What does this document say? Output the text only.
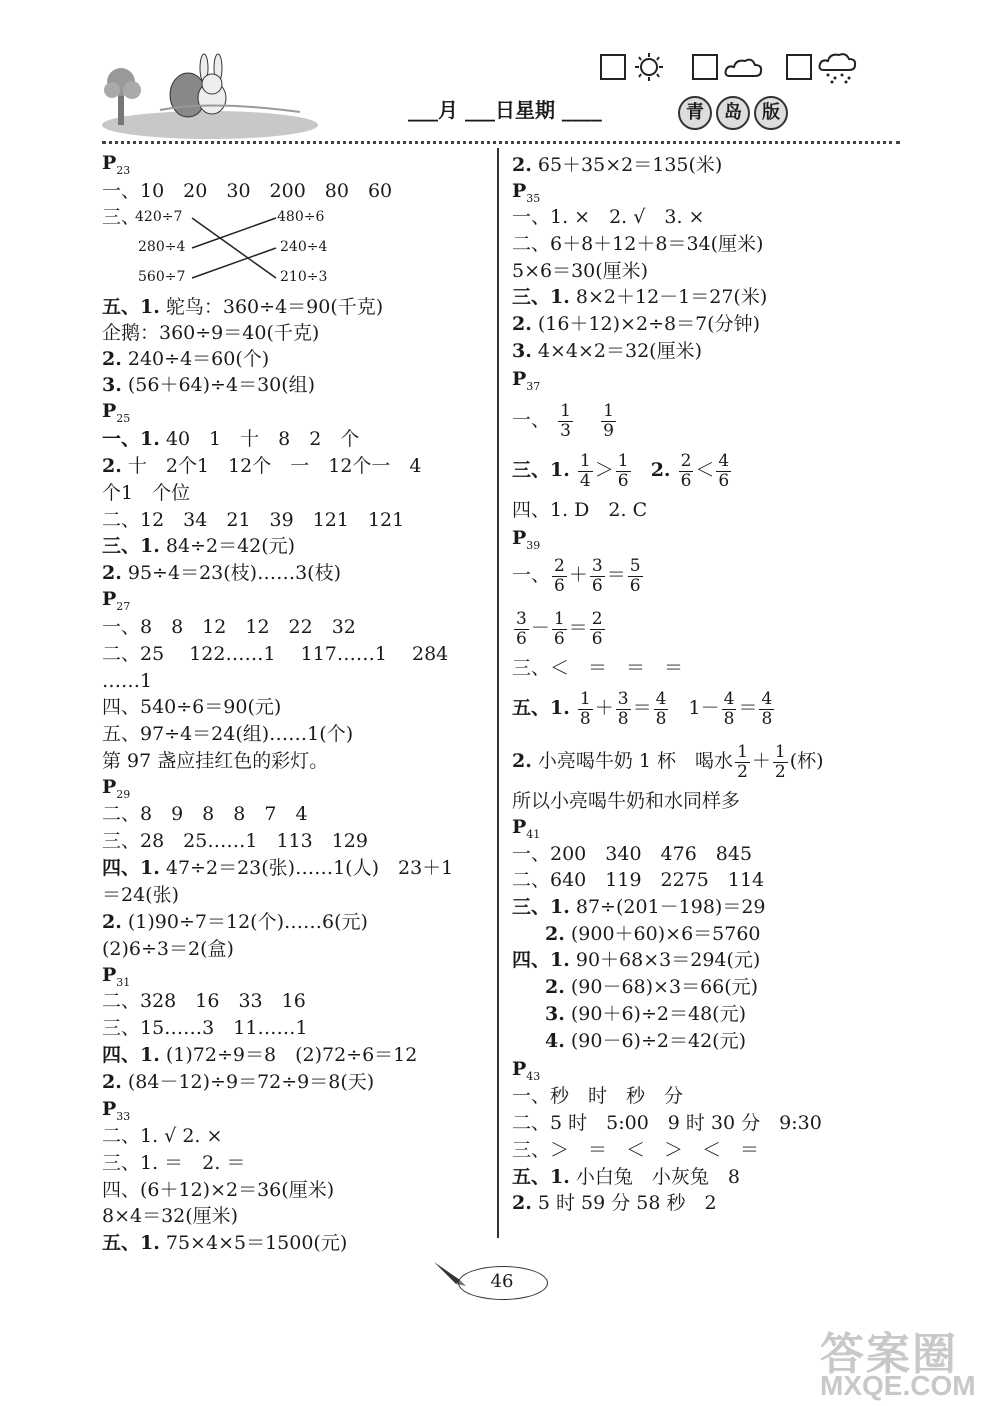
___月 ___日星期 ____	青	岛	版
$P_{23}$
一、10　20　30　200　80　60
三、
420÷7
280÷4
560÷7
480÷6
240÷4
210÷3
五、1. 鸵鸟：360÷4＝90(千克)
企鹅：360÷9＝40(千克)
2. 240÷4＝60(个)
3. (56＋64)÷4＝30(组)
$P_{25}$
一、1. 40　1　十　8　2　个
2. 十　2个1　12个　一　12个一　4
个1　个位
二、12　34　21　39　121　121
三、1. 84÷2＝42(元)
2. 95÷4＝23(枝)……3(枝)
$P_{27}$
一、8　8　12　12　22　32
二、25　 122……1　 117……1　 284
……1
四、540÷6＝90(元)
五、97÷4＝24(组)……1(个)
第 97 盏应挂红色的彩灯。
$P_{29}$
二、8　9　8　8　7　4
三、28　25……1　113　129
四、1. 47÷2＝23(张)……1(人)　23＋1
＝24(张)
2. (1)90÷7＝12(个)……6(元)
(2)6÷3＝2(盒)
$P_{31}$
二、328　16　33　16
三、15……3　11……1
四、1. (1)72÷9＝8　(2)72÷6＝12
2. (84－12)÷9＝72÷9＝8(天)
$P_{33}$
二、1. √ 2. ×
三、1. ＝　2. ＝
四、(6＋12)×2＝36(厘米)
8×4＝32(厘米)
五、1. 75×4×5＝1500(元)
2. 65＋35×2＝135(米)
$P_{35}$
一、1. ×　2. √　3. ×
二、6＋8＋12＋8＝34(厘米)
5×6＝30(厘米)
三、1. 8×2＋12－1＝27(米)
2. (16＋12)×2÷8＝7(分钟)
3. 4×4×2＝32(厘米)
$P_{37}$
一、 $\frac{1}{3}$
$\frac{1}{9}$
三、1. $\frac{1}{4} > \frac{1}{6} 2$. $\frac{2}{6} < \frac{4}{6}$
四、1. D　2. C
$P_{39}$
一、 $\frac{2}{6} + \frac{3}{6} = \frac{5}{6}$
$\frac{3}{6} - \frac{1}{6} = \frac{2}{6}$
三、＜　＝　＝　＝
五、1. $\frac{1}{8} + \frac{3}{8} = \frac{4}{8} 1- \frac{4}{8} = \frac{4}{8}$
2. 小亮喝牛奶 1 杯　喝水 $\frac{1}{2} + \frac{1}{2}$ (杯)
所以小亮喝牛奶和水同样多
$P_{41}$
一、200　340　476　845
二、640　119　2275　114
三、1. 87÷(201－198)＝29
2. (900＋60)×6＝5760
四、1. 90＋68×3＝294(元)
2. (90－68)×3＝66(元)
3. (90＋6)÷2＝48(元)
4. (90－6)÷2＝42(元)
$P_{43}$
一、秒　时　秒　分
二、5 时　5:00　9 时 30 分　9:30
三、＞　＝　＜　＞　＜　＝
五、1. 小白兔　小灰兔　8
2. 5 时 59 分 58 秒　2
46
答案圈
MXQE.COM
